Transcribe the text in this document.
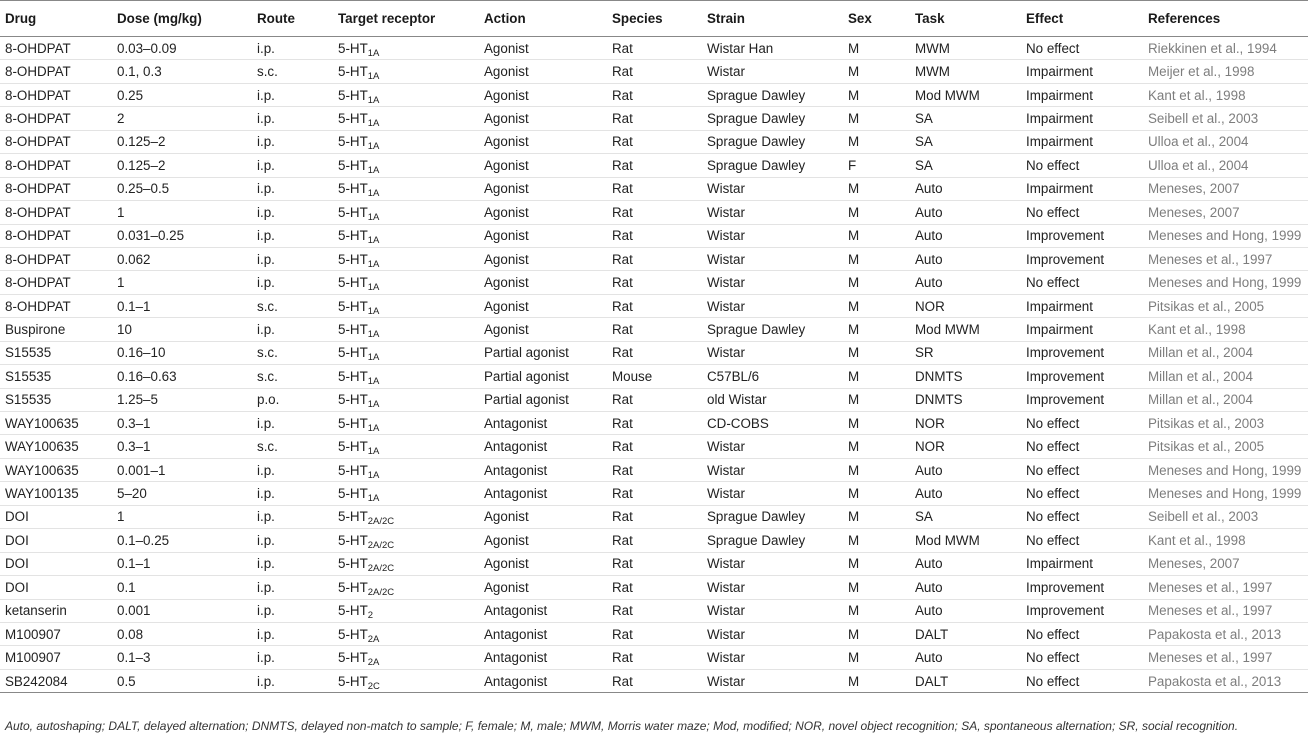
Drug	Dose (mg/kg)	Route	Target receptor	Action	Species	Strain	Sex	Task	Effect	References
8-OHDPAT	0.03–0.09	i.p.	$5-HT_{1A}$	Agonist	Rat	Wistar Han	M	MWM	No effect	Riekkinen et al., 1994
8-OHDPAT	0.1, 0.3	s.c.	$5-HT_{1A}$	Agonist	Rat	Wistar	M	MWM	Impairment	Meijer et al., 1998
8-OHDPAT	0.25	i.p.	$5-HT_{1A}$	Agonist	Rat	Sprague Dawley	M	Mod MWM	Impairment	Kant et al., 1998
8-OHDPAT	2	i.p.	$5-HT_{1A}$	Agonist	Rat	Sprague Dawley	M	SA	Impairment	Seibell et al., 2003
8-OHDPAT	0.125–2	i.p.	$5-HT_{1A}$	Agonist	Rat	Sprague Dawley	M	SA	Impairment	Ulloa et al., 2004
8-OHDPAT	0.125–2	i.p.	$5-HT_{1A}$	Agonist	Rat	Sprague Dawley	F	SA	No effect	Ulloa et al., 2004
8-OHDPAT	0.25–0.5	i.p.	$5-HT_{1A}$	Agonist	Rat	Wistar	M	Auto	Impairment	Meneses, 2007
8-OHDPAT	1	i.p.	$5-HT_{1A}$	Agonist	Rat	Wistar	M	Auto	No effect	Meneses, 2007
8-OHDPAT	0.031–0.25	i.p.	$5-HT_{1A}$	Agonist	Rat	Wistar	M	Auto	Improvement	Meneses and Hong, 1999
8-OHDPAT	0.062	i.p.	$5-HT_{1A}$	Agonist	Rat	Wistar	M	Auto	Improvement	Meneses et al., 1997
8-OHDPAT	1	i.p.	$5-HT_{1A}$	Agonist	Rat	Wistar	M	Auto	No effect	Meneses and Hong, 1999
8-OHDPAT	0.1–1	s.c.	$5-HT_{1A}$	Agonist	Rat	Wistar	M	NOR	Impairment	Pitsikas et al., 2005
Buspirone	10	i.p.	$5-HT_{1A}$	Agonist	Rat	Sprague Dawley	M	Mod MWM	Impairment	Kant et al., 1998
S15535	0.16–10	s.c.	$5-HT_{1A}$	Partial agonist	Rat	Wistar	M	SR	Improvement	Millan et al., 2004
S15535	0.16–0.63	s.c.	$5-HT_{1A}$	Partial agonist	Mouse	C57BL/6	M	DNMTS	Improvement	Millan et al., 2004
S15535	1.25–5	p.o.	$5-HT_{1A}$	Partial agonist	Rat	old Wistar	M	DNMTS	Improvement	Millan et al., 2004
WAY100635	0.3–1	i.p.	$5-HT_{1A}$	Antagonist	Rat	CD-COBS	M	NOR	No effect	Pitsikas et al., 2003
WAY100635	0.3–1	s.c.	$5-HT_{1A}$	Antagonist	Rat	Wistar	M	NOR	No effect	Pitsikas et al., 2005
WAY100635	0.001–1	i.p.	$5-HT_{1A}$	Antagonist	Rat	Wistar	M	Auto	No effect	Meneses and Hong, 1999
WAY100135	5–20	i.p.	$5-HT_{1A}$	Antagonist	Rat	Wistar	M	Auto	No effect	Meneses and Hong, 1999
DOI	1	i.p.	$5-HT_{2A/2C}$	Agonist	Rat	Sprague Dawley	M	SA	No effect	Seibell et al., 2003
DOI	0.1–0.25	i.p.	$5-HT_{2A/2C}$	Agonist	Rat	Sprague Dawley	M	Mod MWM	No effect	Kant et al., 1998
DOI	0.1–1	i.p.	$5-HT_{2A/2C}$	Agonist	Rat	Wistar	M	Auto	Impairment	Meneses, 2007
DOI	0.1	i.p.	$5-HT_{2A/2C}$	Agonist	Rat	Wistar	M	Auto	Improvement	Meneses et al., 1997
ketanserin	0.001	i.p.	$5-HT_2$	Antagonist	Rat	Wistar	M	Auto	Improvement	Meneses et al., 1997
M100907	0.08	i.p.	$5-HT_{2A}$	Antagonist	Rat	Wistar	M	DALT	No effect	Papakosta et al., 2013
M100907	0.1–3	i.p.	$5-HT_{2A}$	Antagonist	Rat	Wistar	M	Auto	No effect	Meneses et al., 1997
SB242084	0.5	i.p.	$5-HT_{2C}$	Antagonist	Rat	Wistar	M	DALT	No effect	Papakosta et al., 2013
Auto, autoshaping; DALT, delayed alternation; DNMTS, delayed non-match to sample; F, female; M, male; MWM, Morris water maze; Mod, modified; NOR, novel object recognition; SA, spontaneous alternation; SR, social recognition.
